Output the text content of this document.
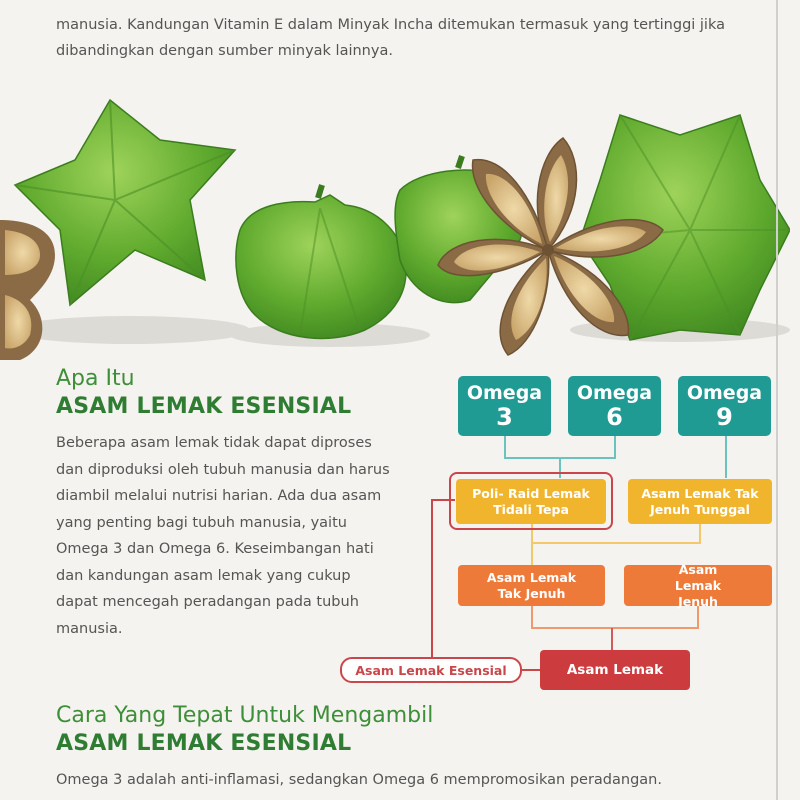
manusia. Kandungan Vitamin E dalam Minyak Incha ditemukan termasuk yang tertinggi jika dibandingkan dengan sumber minyak lainnya.
Apa Itu
ASAM LEMAK ESENSIAL
Beberapa asam lemak tidak dapat diproses dan diproduksi oleh tubuh manusia dan harus diambil melalui nutrisi harian. Ada dua asam yang penting bagi tubuh manusia, yaitu Omega 3 dan Omega 6. Keseimbangan hati dan kandungan asam lemak yang cukup dapat mencegah peradangan pada tubuh manusia.
Omega
3
Omega
6
Omega
9
Poli- Raid Lemak Tidali Tepa
Asam Lemak Tak Jenuh Tunggal
Asam Lemak Tak Jenuh
Asam Lemak Jenuh
Asam Lemak Esensial	Asam Lemak
Cara Yang Tepat Untuk Mengambil
ASAM LEMAK ESENSIAL
Omega 3 adalah anti-inflamasi, sedangkan Omega 6 mempromosikan peradangan.
